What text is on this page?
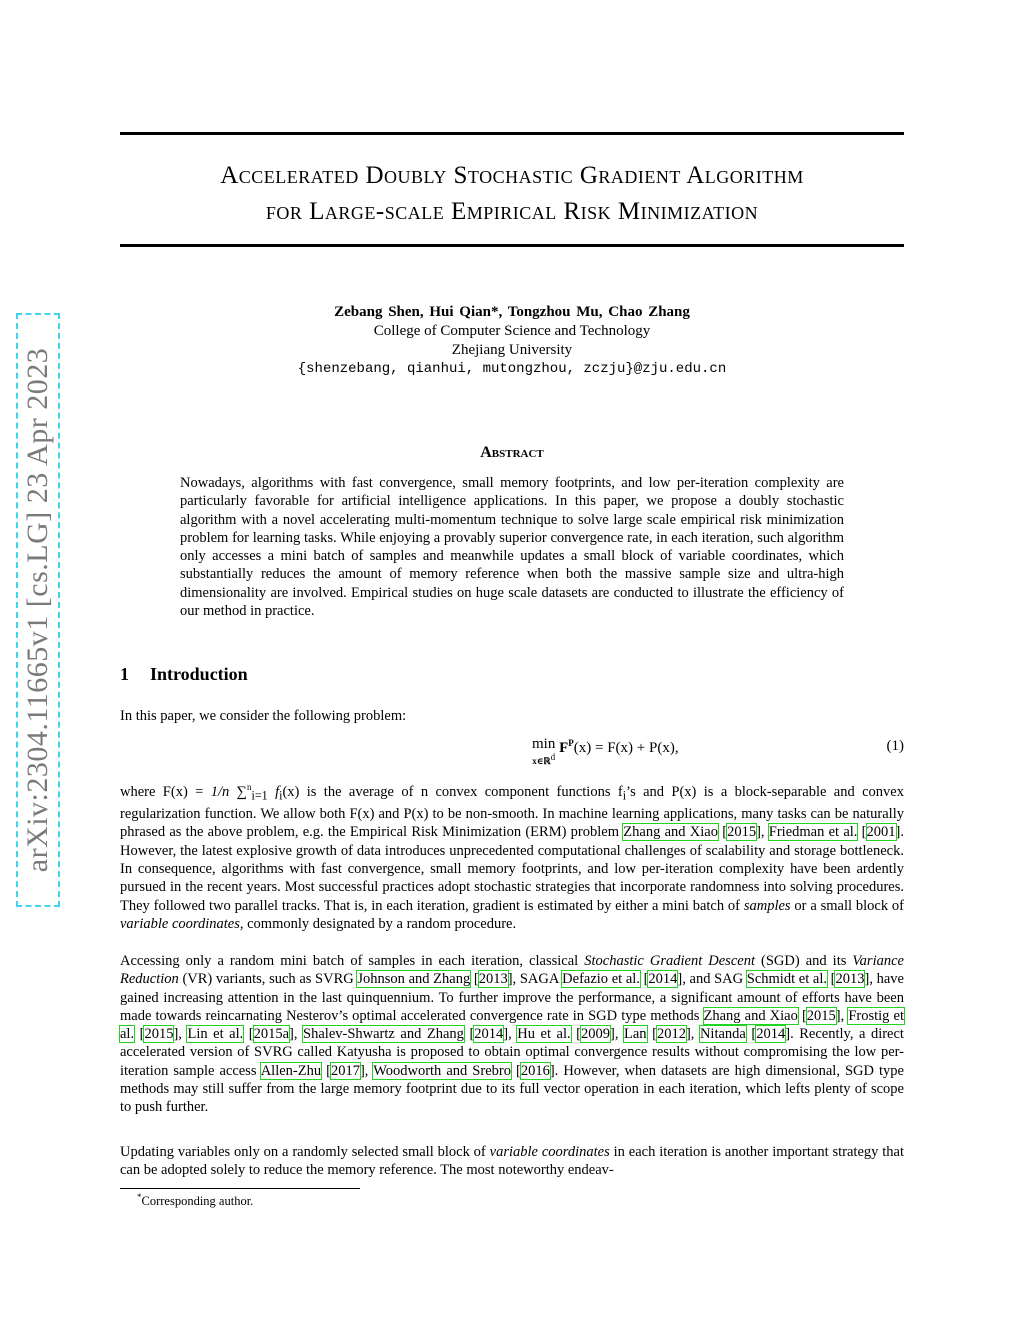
Accelerated Doubly Stochastic Gradient Algorithm
for Large-scale Empirical Risk Minimization
Zebang Shen, Hui Qian*, Tongzhou Mu, Chao Zhang
College of Computer Science and Technology
Zhejiang University
{shenzebang, qianhui, mutongzhou, zczju}@zju.edu.cn
Abstract
Nowadays, algorithms with fast convergence, small memory footprints, and low per-iteration complexity are particularly favorable for artificial intelligence applications. In this paper, we propose a doubly stochastic algorithm with a novel accelerating multi-momentum technique to solve large scale empirical risk minimization problem for learning tasks. While enjoying a provably superior convergence rate, in each iteration, such algorithm only accesses a mini batch of samples and meanwhile updates a small block of variable coordinates, which substantially reduces the amount of memory reference when both the massive sample size and ultra-high dimensionality are involved. Empirical studies on huge scale datasets are conducted to illustrate the efficiency of our method in practice.
1 Introduction
In this paper, we consider the following problem:
min
x∈ℝ$^d$
$F^P(x) = F(x) + P(x)$,	(1)
where F(x) = 1/n ∑$^n_{i=1}$ $f_i(x)$ is the average of n convex component functions $f_i’s$ and P(x) is a block-separable and convex regularization function. We allow both F(x) and P(x) to be non-smooth. In machine learning applications, many tasks can be naturally phrased as the above problem, e.g. the Empirical Risk Minimization (ERM) problem Zhang and Xiao [2015], Friedman et al. [2001]. However, the latest explosive growth of data introduces unprecedented computational challenges of scalability and storage bottleneck. In consequence, algorithms with fast convergence, small memory footprints, and low per-iteration complexity have been ardently pursued in the recent years. Most successful practices adopt stochastic strategies that incorporate randomness into solving procedures. They followed two parallel tracks. That is, in each iteration, gradient is estimated by either a mini batch of samples or a small block of variable coordinates, commonly designated by a random procedure.
Accessing only a random mini batch of samples in each iteration, classical Stochastic Gradient Descent (SGD) and its Variance Reduction (VR) variants, such as SVRG Johnson and Zhang [2013], SAGA Defazio et al. [2014], and SAG Schmidt et al. [2013], have gained increasing attention in the last quinquennium. To further improve the performance, a significant amount of efforts have been made towards reincarnating Nesterov’s optimal accelerated convergence rate in SGD type methods Zhang and Xiao [2015], Frostig et al. [2015], Lin et al. [2015a], Shalev-Shwartz and Zhang [2014], Hu et al. [2009], Lan [2012], Nitanda [2014]. Recently, a direct accelerated version of SVRG called Katyusha is proposed to obtain optimal convergence results without compromising the low per-iteration sample access Allen-Zhu [2017], Woodworth and Srebro [2016]. However, when datasets are high dimensional, SGD type methods may still suffer from the large memory footprint due to its full vector operation in each iteration, which lefts plenty of scope to push further.
Updating variables only on a randomly selected small block of variable coordinates in each iteration is another important strategy that can be adopted solely to reduce the memory reference. The most noteworthy endeav-
*Corresponding author.
arXiv:2304.11665v1 [cs.LG] 23 Apr 2023
